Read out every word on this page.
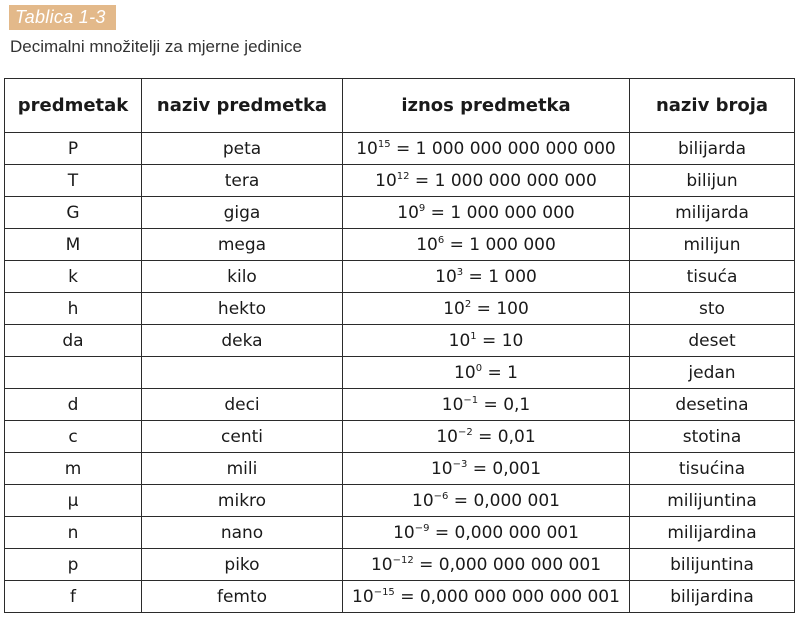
Tablica 1-3
Decimalni množitelji za mjerne jedinice
predmetak	naziv predmetka	iznos predmetka	naziv broja
P	peta	$10^{15} = 1$ 000 000 000 000 000	bilijarda
T	tera	$10^{12} = 1$ 000 000 000 000	bilijun
G	giga	$10^9 = 1$ 000 000 000	milijarda
M	mega	$10^6 = 1$ 000 000	milijun
k	kilo	$10^3 = 1$ 000	tisuća
h	hekto	$10^2 = 100$	sto
da	deka	$10^1 = 10$	deset
		$10^0 = 1$	jedan
d	deci	$10^{-1} = 0,1$	desetina
c	centi	$10^{-2} = 0,01$	stotina
m	mili	$10^{-3} = 0,001$	tisućina
μ	mikro	$10^{-6} = 0,000$ 001	milijuntina
n	nano	$10^{-9} = 0,000$ 000 001	milijardina
p	piko	$10^{-12} = 0,000$ 000 000 001	bilijuntina
f	femto	$10^{-15} = 0,000$ 000 000 000 001	bilijardina
